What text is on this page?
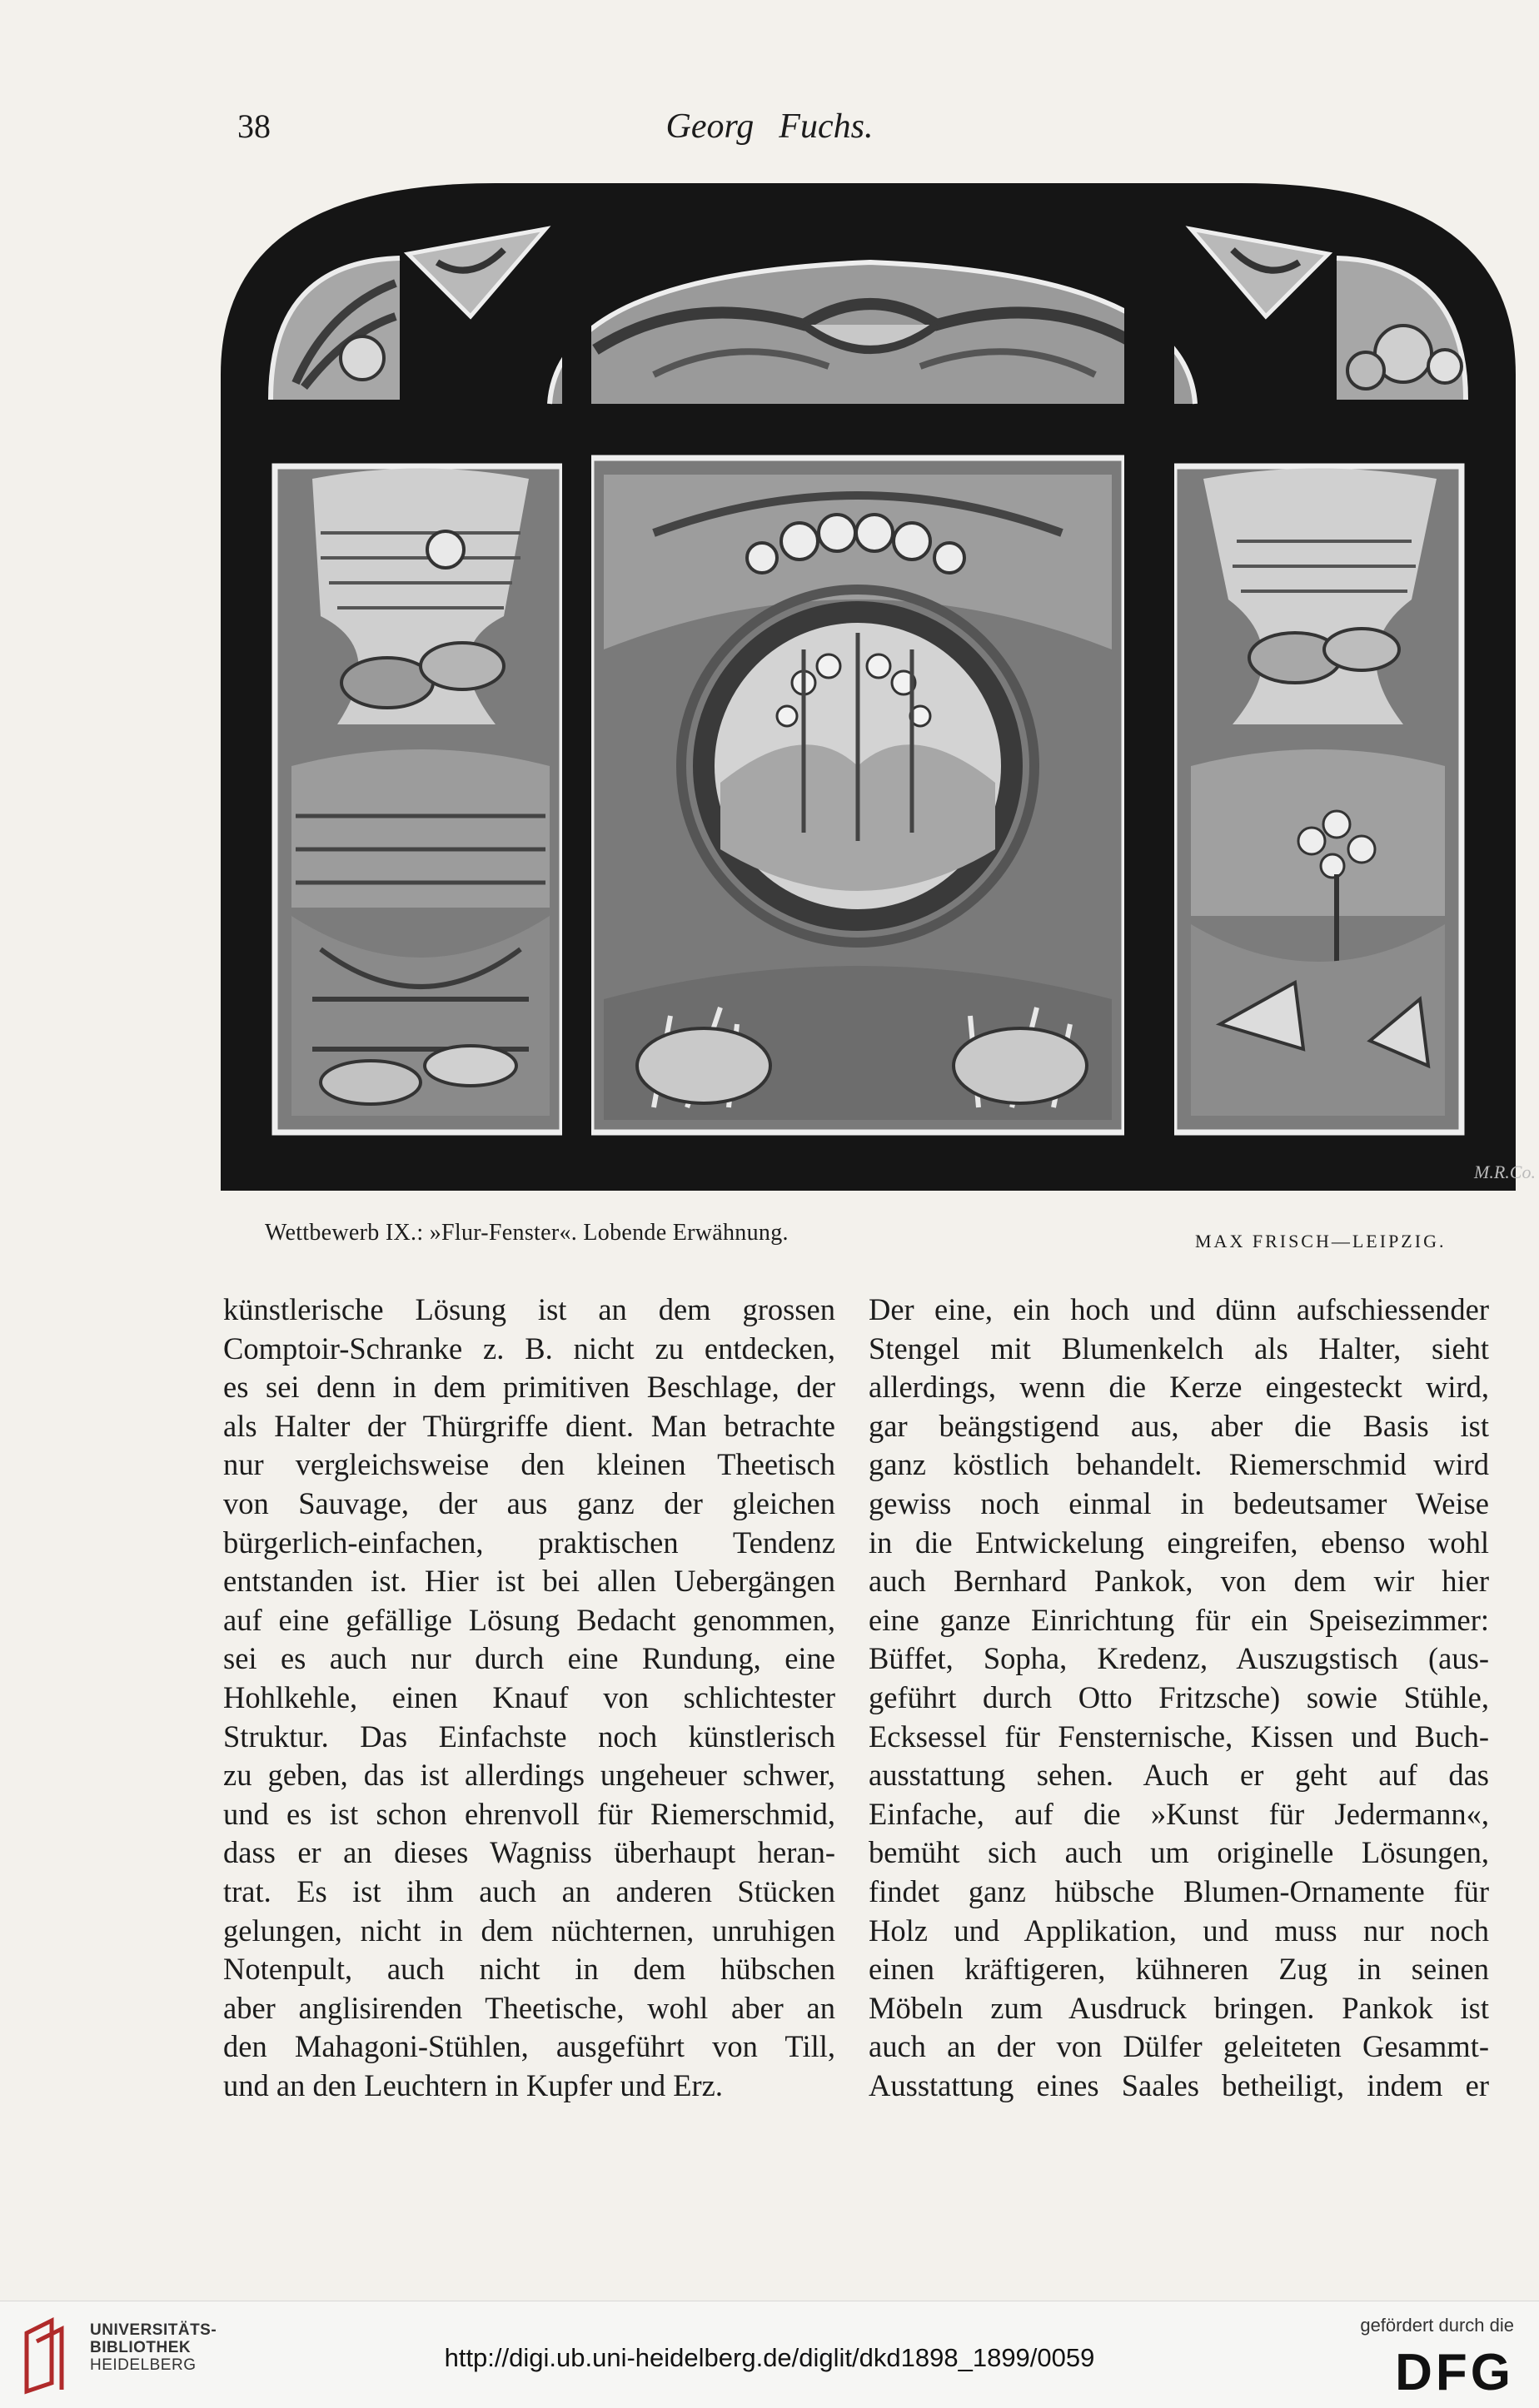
38	Georg Fuchs.
M.R.Co.
Wettbewerb IX.: »Flur-Fenster«. Lobende Erwähnung.	MAX FRISCH—LEIPZIG.
künstlerische Lösung ist an dem grossen
Comptoir-Schranke z. B. nicht zu entdecken,
es sei denn in dem primitiven Beschlage, der
als Halter der Thürgriffe dient. Man betrachte
nur vergleichsweise den kleinen Theetisch
von Sauvage, der aus ganz der gleichen
bürgerlich-einfachen, praktischen Tendenz
entstanden ist. Hier ist bei allen Uebergängen
auf eine gefällige Lösung Bedacht genommen,
sei es auch nur durch eine Rundung, eine
Hohlkehle, einen Knauf von schlichtester
Struktur. Das Einfachste noch künstlerisch
zu geben, das ist allerdings ungeheuer schwer,
und es ist schon ehrenvoll für Riemerschmid,
dass er an dieses Wagniss überhaupt heran-
trat. Es ist ihm auch an anderen Stücken
gelungen, nicht in dem nüchternen, unruhigen
Notenpult, auch nicht in dem hübschen
aber anglisirenden Theetische, wohl aber an
den Mahagoni-Stühlen, ausgeführt von Till,
und an den Leuchtern in Kupfer und Erz.
Der eine, ein hoch und dünn aufschiessender
Stengel mit Blumenkelch als Halter, sieht
allerdings, wenn die Kerze eingesteckt wird,
gar beängstigend aus, aber die Basis ist
ganz köstlich behandelt. Riemerschmid wird
gewiss noch einmal in bedeutsamer Weise
in die Entwickelung eingreifen, ebenso wohl
auch Bernhard Pankok, von dem wir hier
eine ganze Einrichtung für ein Speisezimmer:
Büffet, Sopha, Kredenz, Auszugstisch (aus-
geführt durch Otto Fritzsche) sowie Stühle,
Ecksessel für Fensternische, Kissen und Buch-
ausstattung sehen. Auch er geht auf das
Einfache, auf die »Kunst für Jedermann«,
bemüht sich auch um originelle Lösungen,
findet ganz hübsche Blumen-Ornamente für
Holz und Applikation, und muss nur noch
einen kräftigeren, kühneren Zug in seinen
Möbeln zum Ausdruck bringen. Pankok ist
auch an der von Dülfer geleiteten Gesammt-
Ausstattung eines Saales betheiligt, indem er
UNIVERSITÄTS-
BIBLIOTHEK
HEIDELBERG	http://digi.ub.uni-heidelberg.de/diglit/dkd1898_1899/0059
gefördert durch die
DFG
